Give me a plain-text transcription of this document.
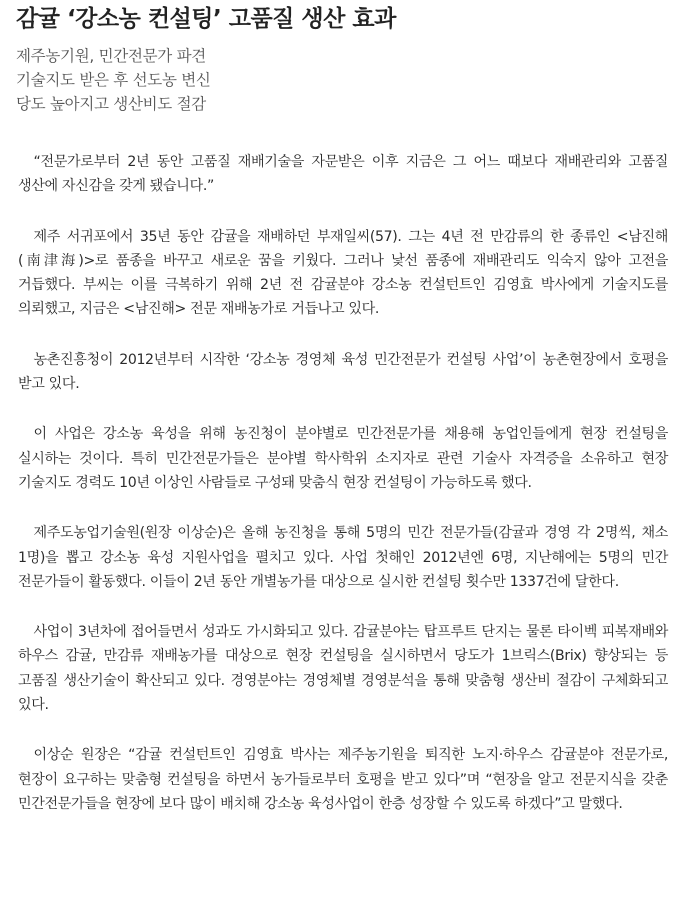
감귤 ‘강소농 컨설팅’ 고품질 생산 효과
제주농기원, 민간전문가 파견
기술지도 받은 후 선도농 변신
당도 높아지고 생산비도 절감

“전문가로부터 2년 동안 고품질 재배기술을 자문받은 이후 지금은 그 어느 때보다 재배관리와 고품질 생산에 자신감을 갖게 됐습니다.”

제주 서귀포에서 35년 동안 감귤을 재배하던 부재일씨(57). 그는 4년 전 만감류의 한 종류인 <남진해(南津海)>로 품종을 바꾸고 새로운 꿈을 키웠다. 그러나 낯선 품종에 재배관리도 익숙지 않아 고전을 거듭했다. 부씨는 이를 극복하기 위해 2년 전 감귤분야 강소농 컨설턴트인 김영효 박사에게 기술지도를 의뢰했고, 지금은 <남진해> 전문 재배농가로 거듭나고 있다.

농촌진흥청이 2012년부터 시작한 ‘강소농 경영체 육성 민간전문가 컨설팅 사업’이 농촌현장에서 호평을 받고 있다.

이 사업은 강소농 육성을 위해 농진청이 분야별로 민간전문가를 채용해 농업인들에게 현장 컨설팅을 실시하는 것이다. 특히 민간전문가들은 분야별 학사학위 소지자로 관련 기술사 자격증을 소유하고 현장 기술지도 경력도 10년 이상인 사람들로 구성돼 맞춤식 현장 컨설팅이 가능하도록 했다.

제주도농업기술원(원장 이상순)은 올해 농진청을 통해 5명의 민간 전문가들(감귤과 경영 각 2명씩, 채소 1명)을 뽑고 강소농 육성 지원사업을 펼치고 있다. 사업 첫해인 2012년엔 6명, 지난해에는 5명의 민간 전문가들이 활동했다. 이들이 2년 동안 개별농가를 대상으로 실시한 컨설팅 횟수만 1337건에 달한다.

사업이 3년차에 접어들면서 성과도 가시화되고 있다. 감귤분야는 탑프루트 단지는 물론 타이벡 피복재배와 하우스 감귤, 만감류 재배농가를 대상으로 현장 컨설팅을 실시하면서 당도가 1브릭스(Brix) 향상되는 등 고품질 생산기술이 확산되고 있다. 경영분야는 경영체별 경영분석을 통해 맞춤형 생산비 절감이 구체화되고 있다.

이상순 원장은 “감귤 컨설턴트인 김영효 박사는 제주농기원을 퇴직한 노지·하우스 감귤분야 전문가로, 현장이 요구하는 맞춤형 컨설팅을 하면서 농가들로부터 호평을 받고 있다”며 “현장을 알고 전문지식을 갖춘 민간전문가들을 현장에 보다 많이 배치해 강소농 육성사업이 한층 성장할 수 있도록 하겠다”고 말했다.
